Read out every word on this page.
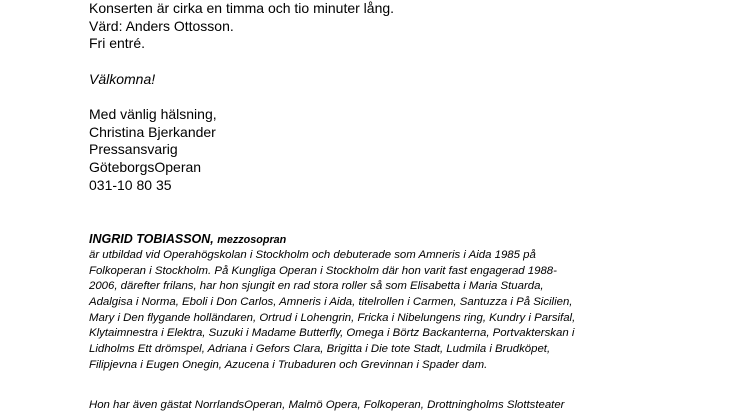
Konserten är cirka en timma och tio minuter lång.
Värd: Anders Ottosson.
Fri entré.
Välkomna!
Med vänlig hälsning,
Christina Bjerkander
Pressansvarig
GöteborgsOperan
031-10 80 35
INGRID TOBIASSON, mezzosopran
är utbildad vid Operahögskolan i Stockholm och debuterade som Amneris i Aida 1985 på
Folkoperan i Stockholm. På Kungliga Operan i Stockholm där hon varit fast engagerad 1988-
2006, därefter frilans, har hon sjungit en rad stora roller så som Elisabetta i Maria Stuarda,
Adalgisa i Norma, Eboli i Don Carlos, Amneris i Aida, titelrollen i Carmen, Santuzza i På Sicilien,
Mary i Den flygande holländaren, Ortrud i Lohengrin, Fricka i Nibelungens ring, Kundry i Parsifal,
Klytaimnestra i Elektra, Suzuki i Madame Butterfly, Omega i Börtz Backanterna, Portvakterskan i
Lidholms Ett drömspel, Adriana i Gefors Clara, Brigitta i Die tote Stadt, Ludmila i Brudköpet,
Filipjevna i Eugen Onegin, Azucena i Trubaduren och Grevinnan i Spader dam.
Hon har även gästat NorrlandsOperan, Malmö Opera, Folkoperan, Drottningholms Slottsteater
